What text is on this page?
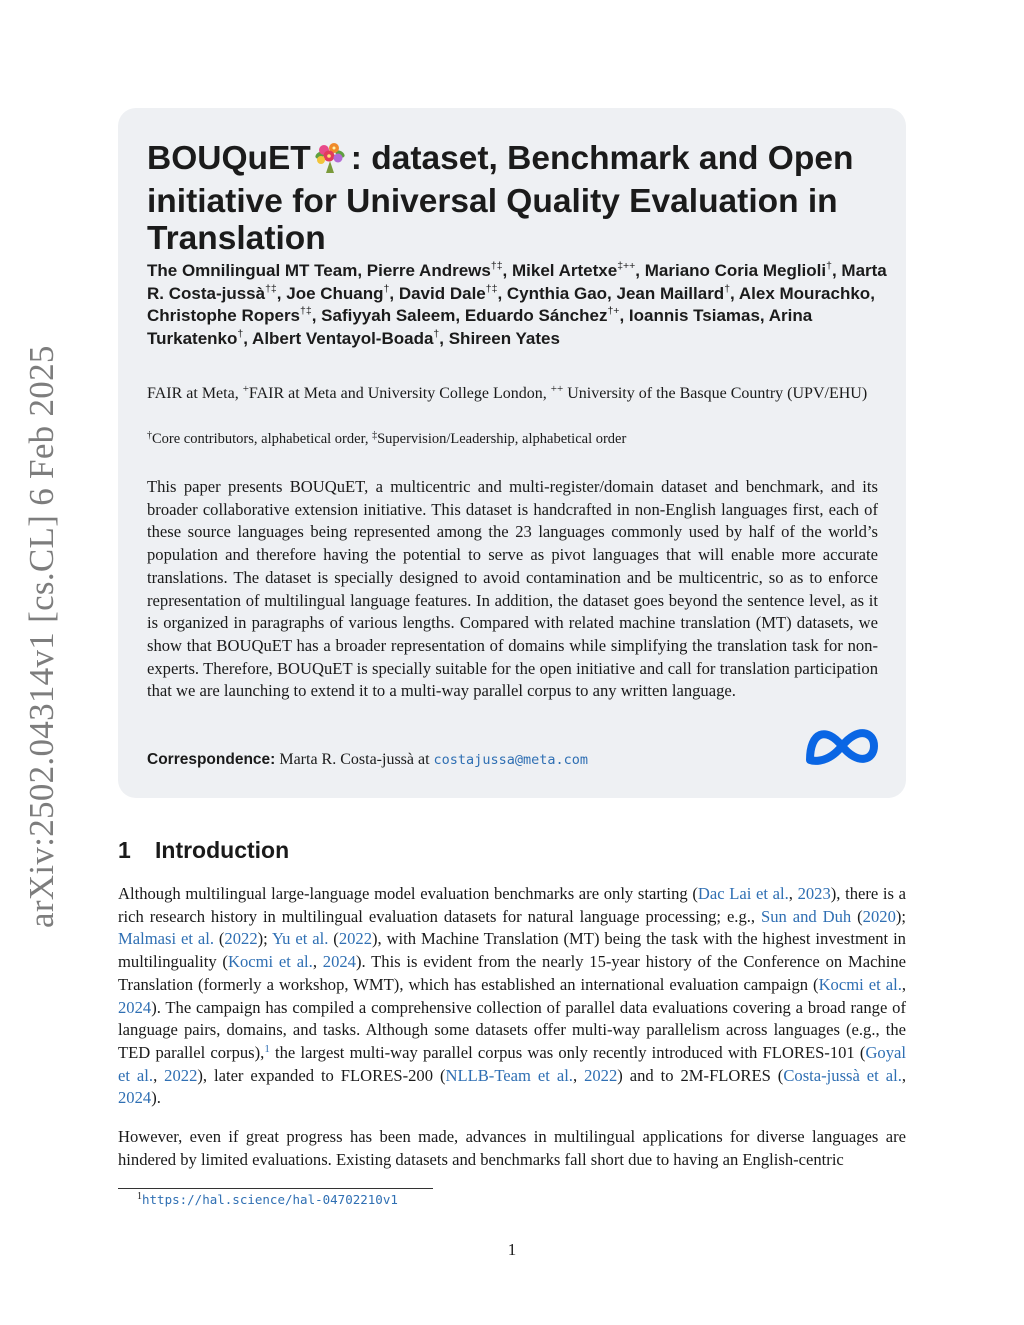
arXiv:2502.04314v1 [cs.CL] 6 Feb 2025
BOUQuET : dataset, Benchmark and Open initiative for Universal Quality Evaluation in Translation
The Omnilingual MT Team, Pierre Andrews†‡, Mikel Artetxe‡++, Mariano Coria Meglioli†, Marta R. Costa-jussà†‡, Joe Chuang†, David Dale†‡, Cynthia Gao, Jean Maillard†, Alex Mourachko, Christophe Ropers†‡, Safiyyah Saleem, Eduardo Sánchez†+, Ioannis Tsiamas, Arina Turkatenko†, Albert Ventayol-Boada†, Shireen Yates
FAIR at Meta, +FAIR at Meta and University College London, ++ University of the Basque Country (UPV/EHU)
†Core contributors, alphabetical order, ‡Supervision/Leadership, alphabetical order

This paper presents BOUQuET, a multicentric and multi-register/domain dataset and benchmark, and its broader collaborative extension initiative. This dataset is handcrafted in non-English languages first, each of these source languages being represented among the 23 languages commonly used by half of the world’s population and therefore having the potential to serve as pivot languages that will enable more accurate translations. The dataset is specially designed to avoid contamination and be multicentric, so as to enforce representation of multilingual language features. In addition, the dataset goes beyond the sentence level, as it is organized in paragraphs of various lengths. Compared with related machine translation (MT) datasets, we show that BOUQuET has a broader representation of domains while simplifying the translation task for non-experts. Therefore, BOUQuET is specially suitable for the open initiative and call for translation participation that we are launching to extend it to a multi-way parallel corpus to any written language.

Correspondence: Marta R. Costa-jussà at costajussa@meta.com
1 Introduction

Although multilingual large-language model evaluation benchmarks are only starting (Dac Lai et al., 2023), there is a rich research history in multilingual evaluation datasets for natural language processing; e.g., Sun and Duh (2020); Malmasi et al. (2022); Yu et al. (2022), with Machine Translation (MT) being the task with the highest investment in multilinguality (Kocmi et al., 2024). This is evident from the nearly 15-year history of the Conference on Machine Translation (formerly a workshop, WMT), which has established an international evaluation campaign (Kocmi et al., 2024). The campaign has compiled a comprehensive collection of parallel data evaluations covering a broad range of language pairs, domains, and tasks. Although some datasets offer multi-way parallelism across languages (e.g., the TED parallel corpus),$^1$ the largest multi-way parallel corpus was only recently introduced with FLORES-101 (Goyal et al., 2022), later expanded to FLORES-200 (NLLB-Team et al., 2022) and to 2M-FLORES (Costa-jussà et al., 2024).

However, even if great progress has been made, advances in multilingual applications for diverse languages are hindered by limited evaluations. Existing datasets and benchmarks fall short due to having an English-centric

$^1$https://hal.science/hal-04702210v1
1
